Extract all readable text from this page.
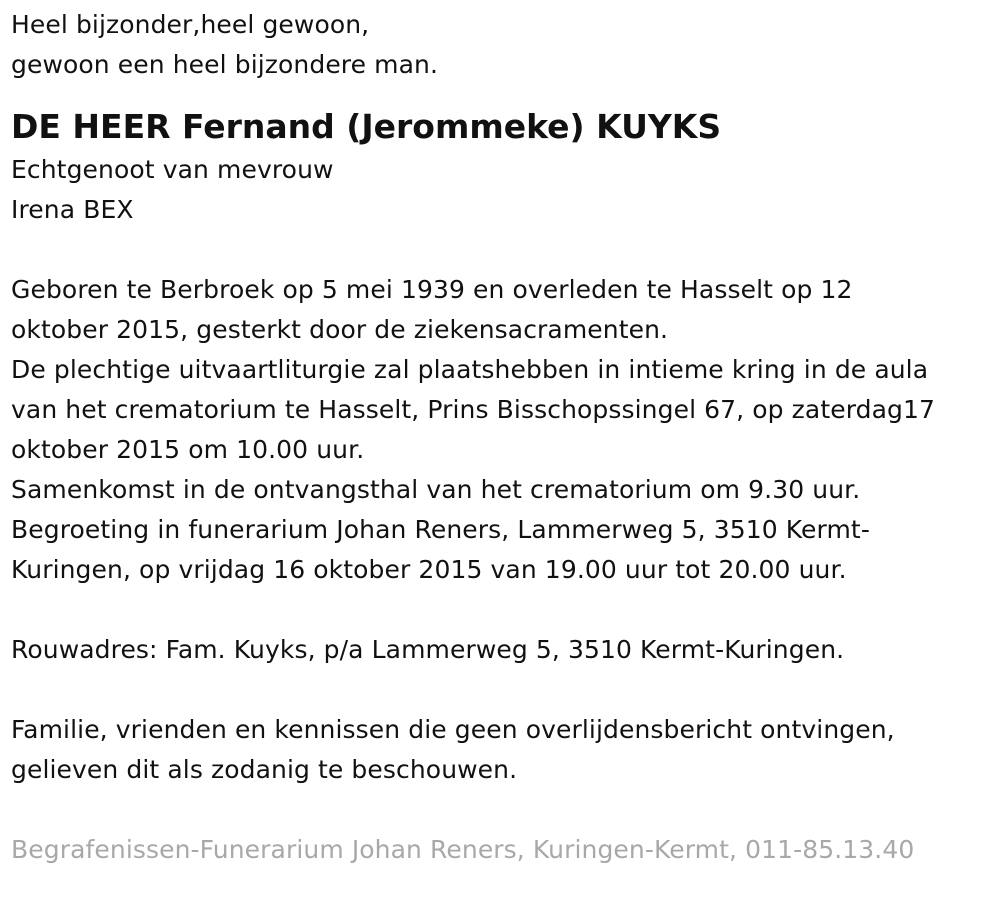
Heel bijzonder,heel gewoon,
gewoon een heel bijzondere man.
DE HEER Fernand (Jerommeke) KUYKS
Echtgenoot van mevrouw
Irena BEX
Geboren te Berbroek op 5 mei 1939 en overleden te Hasselt op 12
oktober 2015, gesterkt door de ziekensacramenten.
De plechtige uitvaartliturgie zal plaatshebben in intieme kring in de aula
van het crematorium te Hasselt, Prins Bisschopssingel 67, op zaterdag17
oktober 2015 om 10.00 uur.
Samenkomst in de ontvangsthal van het crematorium om 9.30 uur.
Begroeting in funerarium Johan Reners, Lammerweg 5, 3510 Kermt-
Kuringen, op vrijdag 16 oktober 2015 van 19.00 uur tot 20.00 uur.
Rouwadres: Fam. Kuyks, p/a Lammerweg 5, 3510 Kermt-Kuringen.
Familie, vrienden en kennissen die geen overlijdensbericht ontvingen,
gelieven dit als zodanig te beschouwen.
Begrafenissen-Funerarium Johan Reners, Kuringen-Kermt, 011-85.13.40
